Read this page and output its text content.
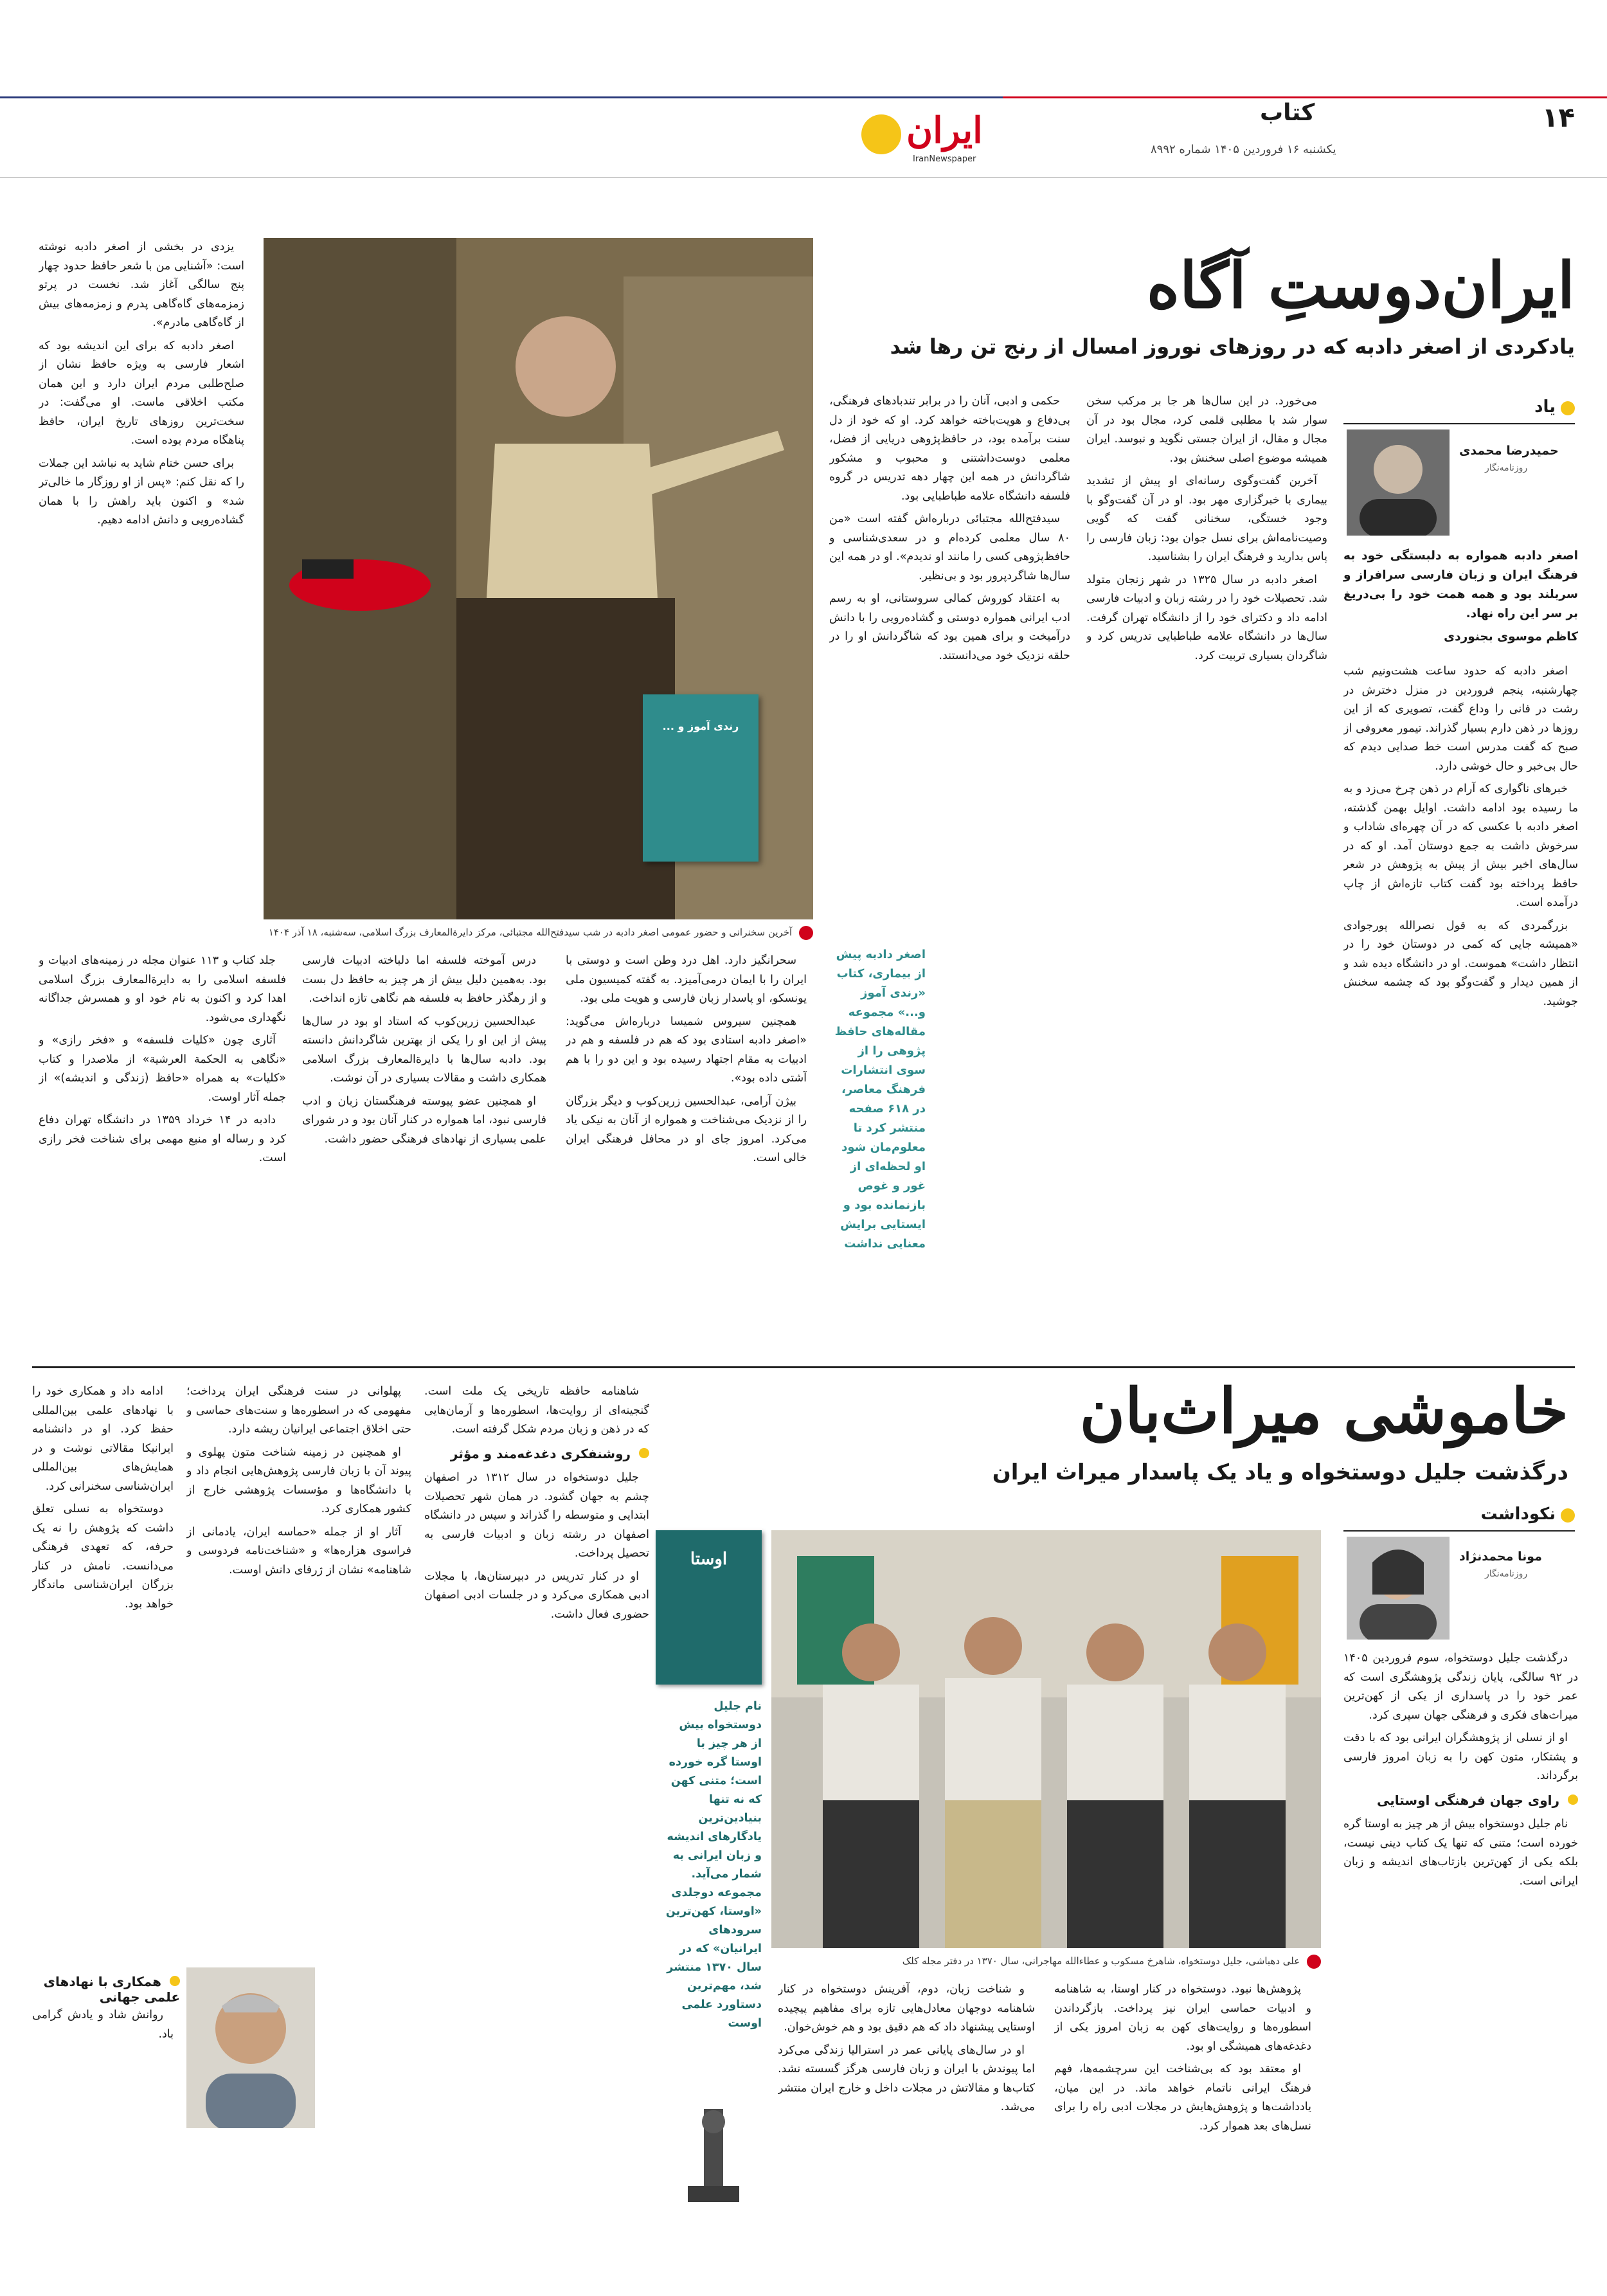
۱۴
کتاب
یکشنبه ۱۶ فروردین ۱۴۰۵ شماره ۸۹۹۲
ایران
IranNewspaper
ایران‌دوستِ آگاه
یادکردی از اصغر دادبه که در روزهای نوروز امسال از رنج تن رها شد
یاد
حمیدرضا محمدی
روزنامه‌نگار
اصغر دادبه همواره به دلبستگی خود به فرهنگ ایران و زبان فارسی سرافراز و سربلند بود و همه همت خود را بی‌دریغ بر سر این راه نهاد.
کاظم موسوی بجنوردی

اصغر دادبه که حدود ساعت هشت‌ونیم شب چهارشنبه، پنجم فروردین در منزل دخترش در رشت در فانی را وداع گفت، تصویری که از این روزها در ذهن دارم بسیار گذراند. تیمور معروفی از صبح که گفت مدرس است خط صدایی دیدم که حال بی‌خبر و حال خوشی دارد.

خبرهای ناگواری که آرام در ذهن چرخ می‌زد و به ما رسیده بود ادامه داشت. اوایل بهمن گذشته، اصغر دادبه با عکسی که در آن چهره‌ای شاداب و سرخوش داشت به جمع دوستان آمد. او که در سال‌های اخیر بیش از پیش به پژوهش در شعر حافظ پرداخته بود گفت کتاب تازه‌اش از چاپ درآمده است.

بزرگمردی که به قول نصرالله پورجوادی «همیشه جایی که کمی در دوستان خود را در انتظار داشت» هموست. او در دانشگاه دیده شد و از همین دیدار و گفت‌وگو بود که چشمه سخنش جوشید.

می‌خورد. در این سال‌ها هر جا بر مرکب سخن سوار شد با مطلبی قلمی کرد، مجال بود در آن مجال و مقال، از ایران جستی نگوید و نبوسد. ایران همیشه موضوع اصلی سخنش بود.

آخرین گفت‌وگوی رسانه‌ای او پیش از تشدید بیماری با خبرگزاری مهر بود. او در آن گفت‌وگو با وجود خستگی، سخنانی گفت که گویی وصیت‌نامه‌اش برای نسل جوان بود: زبان فارسی را پاس بدارید و فرهنگ ایران را بشناسید.

اصغر دادبه در سال ۱۳۲۵ در شهر زنجان متولد شد. تحصیلات خود را در رشته زبان و ادبیات فارسی ادامه داد و دکترای خود را از دانشگاه تهران گرفت. سال‌ها در دانشگاه علامه طباطبایی تدریس کرد و شاگردان بسیاری تربیت کرد.

حکمی و ادبی، آنان را در برابر تندبادهای فرهنگی، بی‌دفاع و هویت‌باخته خواهد کرد. او که خود از دل سنت برآمده بود، در حافظ‌پژوهی دریایی از فضل، معلمی دوست‌داشتنی و محبوب و مشکور شاگردانش در همه این چهار دهه تدریس در گروه فلسفه دانشگاه علامه طباطبایی بود.

سیدفتح‌الله مجتبائی درباره‌اش گفته است «من ۸۰ سال معلمی کرده‌ام و در سعدی‌شناسی و حافظ‌پژوهی کسی را مانند او ندیدم». او در همه این سال‌ها شاگردپرور بود و بی‌نظیر.

به اعتقاد کوروش کمالی سروستانی، او به رسم ادب ایرانی همواره دوستی و گشاده‌رویی را با دانش درآمیخت و برای همین بود که شاگردانش او را در حلقه نزدیک خود می‌دانستند.

آخرین سخنرانی و حضور عمومی اصغر دادبه در شب سیدفتح‌الله مجتبائی، مرکز دایرةالمعارف بزرگ اسلامی، سه‌شنبه، ۱۸ آذر ۱۴۰۴
رندی آموز و ...
اصغر دادبه پیش از بیماری، کتاب «رندی آموز و...» مجموعه مقاله‌های حافظ پژوهی را از سوی انتشارات فرهنگ معاصر، در ۶۱۸ صفحه منتشر کرد تا معلوم‌مان شود او لحظه‌ای از غور و غوص بازنمانده بود و ایستایی برایش معنایی نداشت

سحرانگیز دارد. اهل درد وطن است و دوستی با ایران را با ایمان درمی‌آمیزد. به گفته کمیسیون ملی یونسکو، او پاسدار زبان فارسی و هویت ملی بود.

همچنین سیروس شمیسا درباره‌اش می‌گوید: «اصغر دادبه استادی بود که هم در فلسفه و هم در ادبیات به مقام اجتهاد رسیده بود و این دو را با هم آشتی داده بود».

بیژن آرامی، عبدالحسین زرین‌کوب و دیگر بزرگان را از نزدیک می‌شناخت و همواره از آنان به نیکی یاد می‌کرد. امروز جای او در محافل فرهنگی ایران خالی است.

درس آموخته فلسفه اما دلباخته ادبیات فارسی بود. به‌همین دلیل بیش از هر چیز به حافظ دل بست و از رهگذر حافظ به فلسفه هم نگاهی تازه انداخت.

عبدالحسین زرین‌کوب که استاد او بود در سال‌ها پیش از این او را یکی از بهترین شاگردانش دانسته بود. دادبه سال‌ها با دایرةالمعارف بزرگ اسلامی همکاری داشت و مقالات بسیاری در آن نوشت.

او همچنین عضو پیوسته فرهنگستان زبان و ادب فارسی نبود، اما همواره در کنار آنان بود و در شورای علمی بسیاری از نهادهای فرهنگی حضور داشت.

جلد کتاب و ۱۱۳ عنوان مجله در زمینه‌های ادبیات و فلسفه اسلامی را به دایرةالمعارف بزرگ اسلامی اهدا کرد و اکنون به نام خود او و همسرش جداگانه نگهداری می‌شود.

آثاری چون «کلیات فلسفه» و «فخر رازی» و «نگاهی به الحکمة العرشیة» از ملاصدرا و کتاب «کلیات» به همراه «حافظ (زندگی و اندیشه)» از جمله آثار اوست.

دادبه در ۱۴ خرداد ۱۳۵۹ در دانشگاه تهران دفاع کرد و رساله او منبع مهمی برای شناخت فخر رازی است.

یزدی در بخشی از اصغر دادبه نوشته است: «آشنایی من با شعر حافظ حدود چهار پنج سالگی آغاز شد. نخست در پرتو زمزمه‌های گاه‌گاهی پدرم و زمزمه‌های بیش از گاه‌گاهی مادرم».

اصغر دادبه که برای این اندیشه بود که اشعار فارسی به ویژه حافظ نشان از صلح‌طلبی مردم ایران دارد و این همان مکتب اخلاقی ماست. او می‌گفت: در سخت‌ترین روزهای تاریخ ایران، حافظ پناهگاه مردم بوده است.

برای حسن ختام شاید به نباشد این جملات را که نقل کنم: «پس از او روزگار ما خالی‌تر شد» و اکنون باید راهش را با همان گشاده‌رویی و دانش ادامه دهیم.

خاموشی میراث‌بان
درگذشت جلیل دوستخواه و یاد یک پاسدار میراث ایران
نکوداشت
مونا محمدنژاد
روزنامه‌نگار

درگذشت جلیل دوستخواه، سوم فروردین ۱۴۰۵ در ۹۲ سالگی، پایان زندگی پژوهشگری است که عمر خود را در پاسداری از یکی از کهن‌ترین میراث‌های فکری و فرهنگی جهان سپری کرد.

او از نسلی از پژوهشگران ایرانی بود که با دقت و پشتکار، متون کهن را به زبان امروز فارسی برگرداند.

راوی جهان فرهنگی اوستایی

نام جلیل دوستخواه بیش از هر چیز به اوستا گره خورده است؛ متنی که تنها یک کتاب دینی نیست، بلکه یکی از کهن‌ترین بازتاب‌های اندیشه و زبان ایرانی است.

علی دهباشی، جلیل دوستخواه، شاهرخ مسکوب و عطاءالله مهاجرانی، سال ۱۳۷۰ در دفتر مجله کلک
اوستا
نام جلیل دوستخواه بیش از هر چیز با اوستا گره خورده است؛ متنی کهن که نه تنها بنیادین‌ترین یادگارهای اندیشه و زبان ایرانی به شمار می‌آید. مجموعه دوجلدی «اوستا، کهن‌ترین سرودهای ایرانیان» که در سال ۱۳۷۰ منتشر شد، مهم‌ترین دستاورد علمی اوست

پژوهش‌ها نبود. دوستخواه در کنار اوستا، به شاهنامه و ادبیات حماسی ایران نیز پرداخت. بازگرداندن اسطوره‌ها و روایت‌های کهن به زبان امروز یکی از دغدغه‌های همیشگی او بود.

او معتقد بود که بی‌شناخت این سرچشمه‌ها، فهم فرهنگ ایرانی ناتمام خواهد ماند. در این میان، یادداشت‌ها و پژوهش‌هایش در مجلات ادبی راه را برای نسل‌های بعد هموار کرد.

و شناخت زبان، دوم، آفرینش دوستخواه در کنار شاهنامه دوجهان معادل‌هایی تازه برای مفاهیم پیچیده اوستایی پیشنهاد داد که هم دقیق بود و هم خوش‌خوان.

او در سال‌های پایانی عمر در استرالیا زندگی می‌کرد اما پیوندش با ایران و زبان فارسی هرگز گسسته نشد. کتاب‌ها و مقالاتش در مجلات داخل و خارج ایران منتشر می‌شد.

شاهنامه حافظه تاریخی یک ملت است. گنجینه‌ای از روایت‌ها، اسطوره‌ها و آرمان‌هایی که در ذهن و زبان مردم شکل گرفته است.

روشنفکری دغدغه‌مند و مؤثر

جلیل دوستخواه در سال ۱۳۱۲ در اصفهان چشم به جهان گشود. در همان شهر تحصیلات ابتدایی و متوسطه را گذراند و سپس در دانشگاه اصفهان در رشته زبان و ادبیات فارسی به تحصیل پرداخت.

او در کنار تدریس در دبیرستان‌ها، با مجلات ادبی همکاری می‌کرد و در جلسات ادبی اصفهان حضوری فعال داشت.

پهلوانی در سنت فرهنگی ایران پرداخت؛ مفهومی که در اسطوره‌ها و سنت‌های حماسی و حتی اخلاق اجتماعی ایرانیان ریشه دارد.

او همچنین در زمینه شناخت متون پهلوی و پیوند آن با زبان فارسی پژوهش‌هایی انجام داد و با دانشگاه‌ها و مؤسسات پژوهشی خارج از کشور همکاری کرد.

آثار او از جمله «حماسه ایران، یادمانی از فراسوی هزاره‌ها» و «شناخت‌نامه فردوسی و شاهنامه» نشان از ژرفای دانش اوست.

ادامه داد و همکاری خود را با نهادهای علمی بین‌المللی حفظ کرد. او در دانشنامه ایرانیکا مقالاتی نوشت و در همایش‌های بین‌المللی ایران‌شناسی سخنرانی کرد.

دوستخواه به نسلی تعلق داشت که پژوهش را نه یک حرفه، که تعهدی فرهنگی می‌دانست. نامش در کنار بزرگان ایران‌شناسی ماندگار خواهد بود.

همکاری با نهادهای علمی جهانی

روانش شاد و یادش گرامی باد.
